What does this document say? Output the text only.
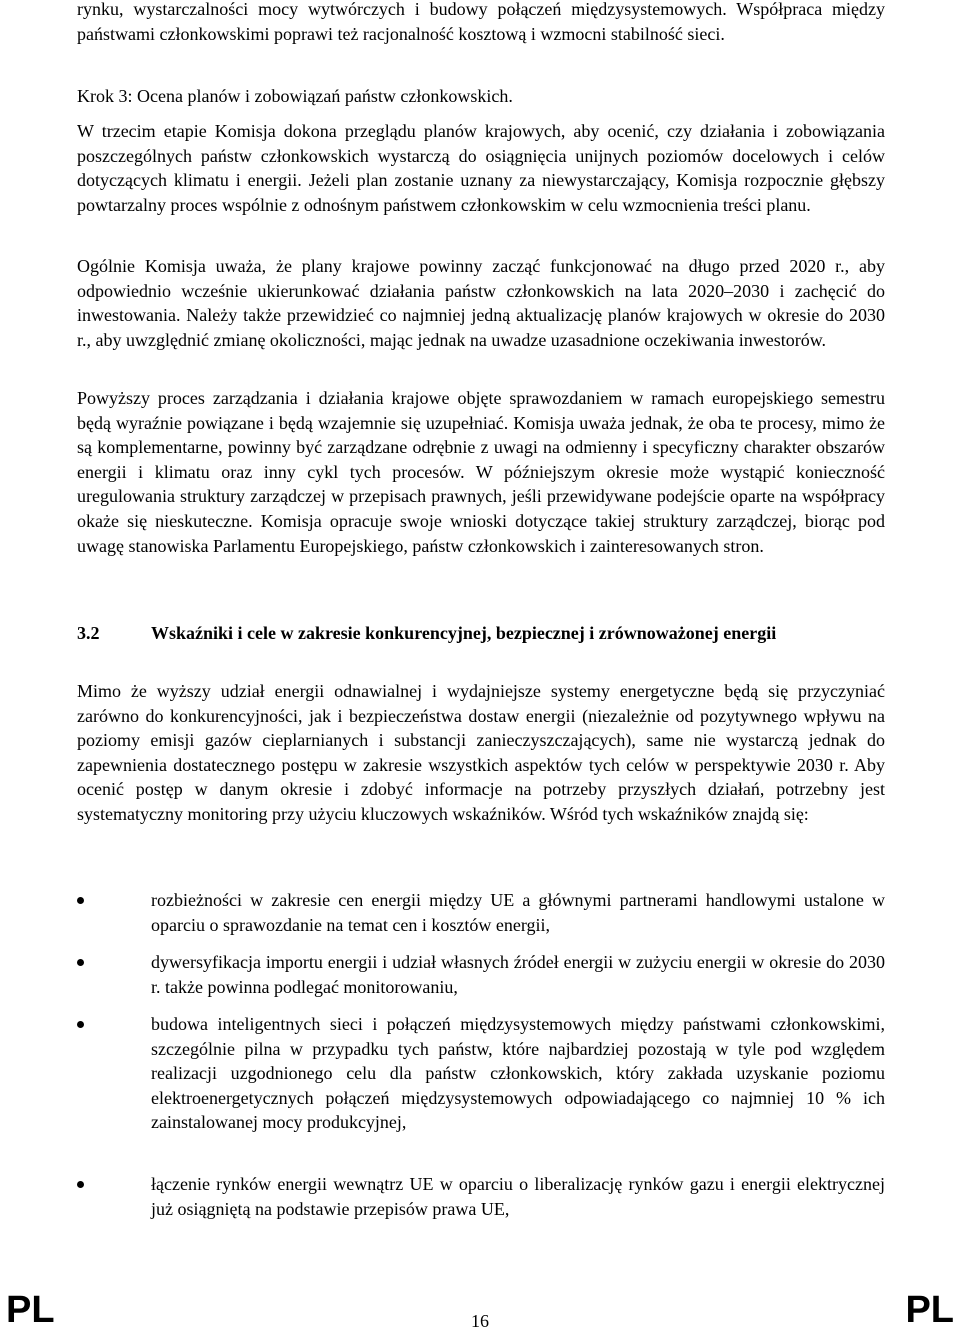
rynku, wystarczalności mocy wytwórczych i budowy połączeń międzysystemowych. Współpraca między państwami członkowskimi poprawi też racjonalność kosztową i wzmocni stabilność sieci.

Krok 3: Ocena planów i zobowiązań państw członkowskich.

W trzecim etapie Komisja dokona przeglądu planów krajowych, aby ocenić, czy działania i zobowiązania poszczególnych państw członkowskich wystarczą do osiągnięcia unijnych poziomów docelowych i celów dotyczących klimatu i energii. Jeżeli plan zostanie uznany za niewystarczający, Komisja rozpocznie głębszy powtarzalny proces wspólnie z odnośnym państwem członkowskim w celu wzmocnienia treści planu.

Ogólnie Komisja uważa, że plany krajowe powinny zacząć funkcjonować na długo przed 2020 r., aby odpowiednio wcześnie ukierunkować działania państw członkowskich na lata 2020–2030 i zachęcić do inwestowania. Należy także przewidzieć co najmniej jedną aktualizację planów krajowych w okresie do 2030 r., aby uwzględnić zmianę okoliczności, mając jednak na uwadze uzasadnione oczekiwania inwestorów.

Powyższy proces zarządzania i działania krajowe objęte sprawozdaniem w ramach europejskiego semestru będą wyraźnie powiązane i będą wzajemnie się uzupełniać. Komisja uważa jednak, że oba te procesy, mimo że są komplementarne, powinny być zarządzane odrębnie z uwagi na odmienny i specyficzny charakter obszarów energii i klimatu oraz inny cykl tych procesów. W późniejszym okresie może wystąpić konieczność uregulowania struktury zarządczej w przepisach prawnych, jeśli przewidywane podejście oparte na współpracy okaże się nieskuteczne. Komisja opracuje swoje wnioski dotyczące takiej struktury zarządczej, biorąc pod uwagę stanowiska Parlamentu Europejskiego, państw członkowskich i zainteresowanych stron.

3.2	Wskaźniki i cele w zakresie konkurencyjnej, bezpiecznej i zrównoważonej energii

Mimo że wyższy udział energii odnawialnej i wydajniejsze systemy energetyczne będą się przyczyniać zarówno do konkurencyjności, jak i bezpieczeństwa dostaw energii (niezależnie od pozytywnego wpływu na poziomy emisji gazów cieplarnianych i substancji zanieczyszczających), same nie wystarczą jednak do zapewnienia dostatecznego postępu w zakresie wszystkich aspektów tych celów w perspektywie 2030 r. Aby ocenić postęp w danym okresie i zdobyć informacje na potrzeby przyszłych działań, potrzebny jest systematyczny monitoring przy użyciu kluczowych wskaźników. Wśród tych wskaźników znajdą się:

rozbieżności w zakresie cen energii między UE a głównymi partnerami handlowymi ustalone w oparciu o sprawozdanie na temat cen i kosztów energii,
dywersyfikacja importu energii i udział własnych źródeł energii w zużyciu energii w okresie do 2030 r. także powinna podlegać monitorowaniu,
budowa inteligentnych sieci i połączeń międzysystemowych między państwami członkowskimi, szczególnie pilna w przypadku tych państw, które najbardziej pozostają w tyle pod względem realizacji uzgodnionego celu dla państw członkowskich, który zakłada uzyskanie poziomu elektroenergetycznych połączeń międzysystemowych odpowiadającego co najmniej 10 % ich zainstalowanej mocy produkcyjnej,
łączenie rynków energii wewnątrz UE w oparciu o liberalizację rynków gazu i energii elektrycznej już osiągniętą na podstawie przepisów prawa UE,
PL	16	PL
